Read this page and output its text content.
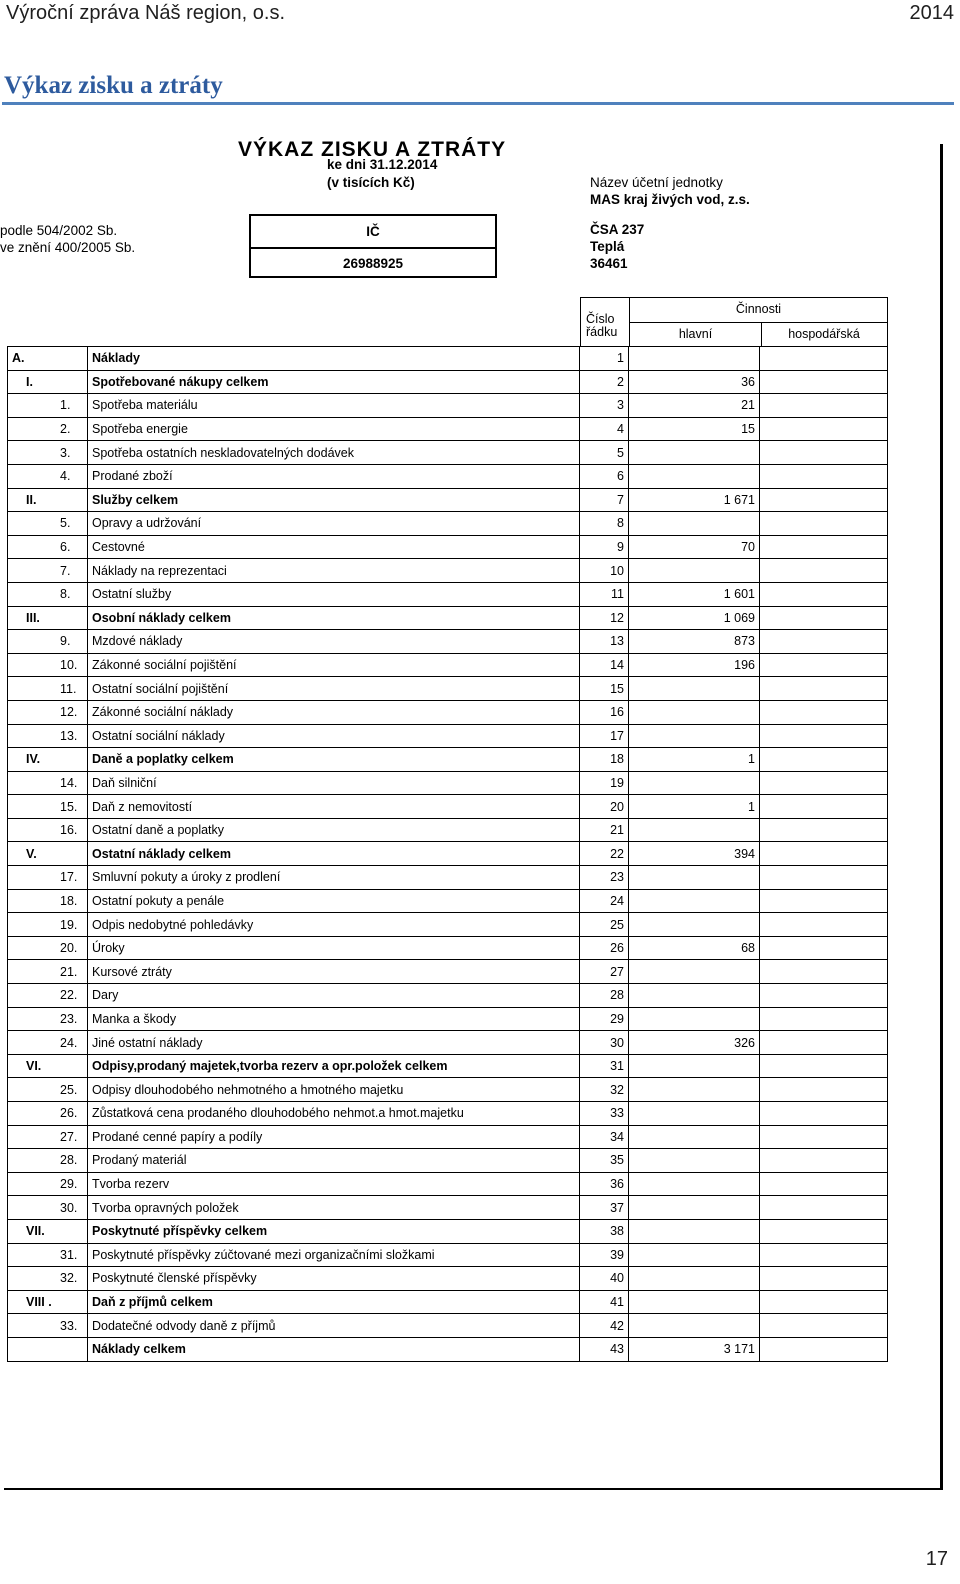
Výroční zpráva Náš region, o.s.	2014
Výkaz zisku a ztráty
VÝKAZ ZISKU A ZTRÁTY
ke dni 31.12.2014
(v tisících Kč)	Název účetní jednotky
MAS kraj živých vod, z.s.
ČSA 237
Teplá
36461
podle 504/2002 Sb.
ve znění 400/2005 Sb.
IČ
26988925
Číslo
řádku
Činnosti
hlavní	hospodářská
A.	Náklady	1		
I.	Spotřebované nákupy celkem	2	36	
1.	Spotřeba materiálu	3	21	
2.	Spotřeba energie	4	15	
3.	Spotřeba ostatních neskladovatelných dodávek	5		
4.	Prodané zboží	6		
II.	Služby celkem	7	1 671	
5.	Opravy a udržování	8		
6.	Cestovné	9	70	
7.	Náklady na reprezentaci	10		
8.	Ostatní služby	11	1 601	
III.	Osobní náklady celkem	12	1 069	
9.	Mzdové náklady	13	873	
10.	Zákonné sociální pojištění	14	196	
11.	Ostatní sociální pojištění	15		
12.	Zákonné sociální náklady	16		
13.	Ostatní sociální náklady	17		
IV.	Daně a poplatky celkem	18	1	
14.	Daň silniční	19		
15.	Daň z nemovitostí	20	1	
16.	Ostatní daně a poplatky	21		
V.	Ostatní náklady celkem	22	394	
17.	Smluvní pokuty a úroky z prodlení	23		
18.	Ostatní pokuty a penále	24		
19.	Odpis nedobytné pohledávky	25		
20.	Úroky	26	68	
21.	Kursové ztráty	27		
22.	Dary	28		
23.	Manka a škody	29		
24.	Jiné ostatní náklady	30	326	
VI.	Odpisy,prodaný majetek,tvorba rezerv a opr.položek celkem	31		
25.	Odpisy dlouhodobého nehmotného a hmotného majetku	32		
26.	Zůstatková cena prodaného dlouhodobého nehmot.a hmot.majetku	33		
27.	Prodané cenné papíry a podíly	34		
28.	Prodaný materiál	35		
29.	Tvorba rezerv	36		
30.	Tvorba opravných položek	37		
VII.	Poskytnuté příspěvky celkem	38		
31.	Poskytnuté příspěvky zúčtované mezi organizačními složkami	39		
32.	Poskytnuté členské příspěvky	40		
VIII .	Daň z příjmů celkem	41		
33.	Dodatečné odvody daně z příjmů	42		
	Náklady celkem	43	3 171	
17
